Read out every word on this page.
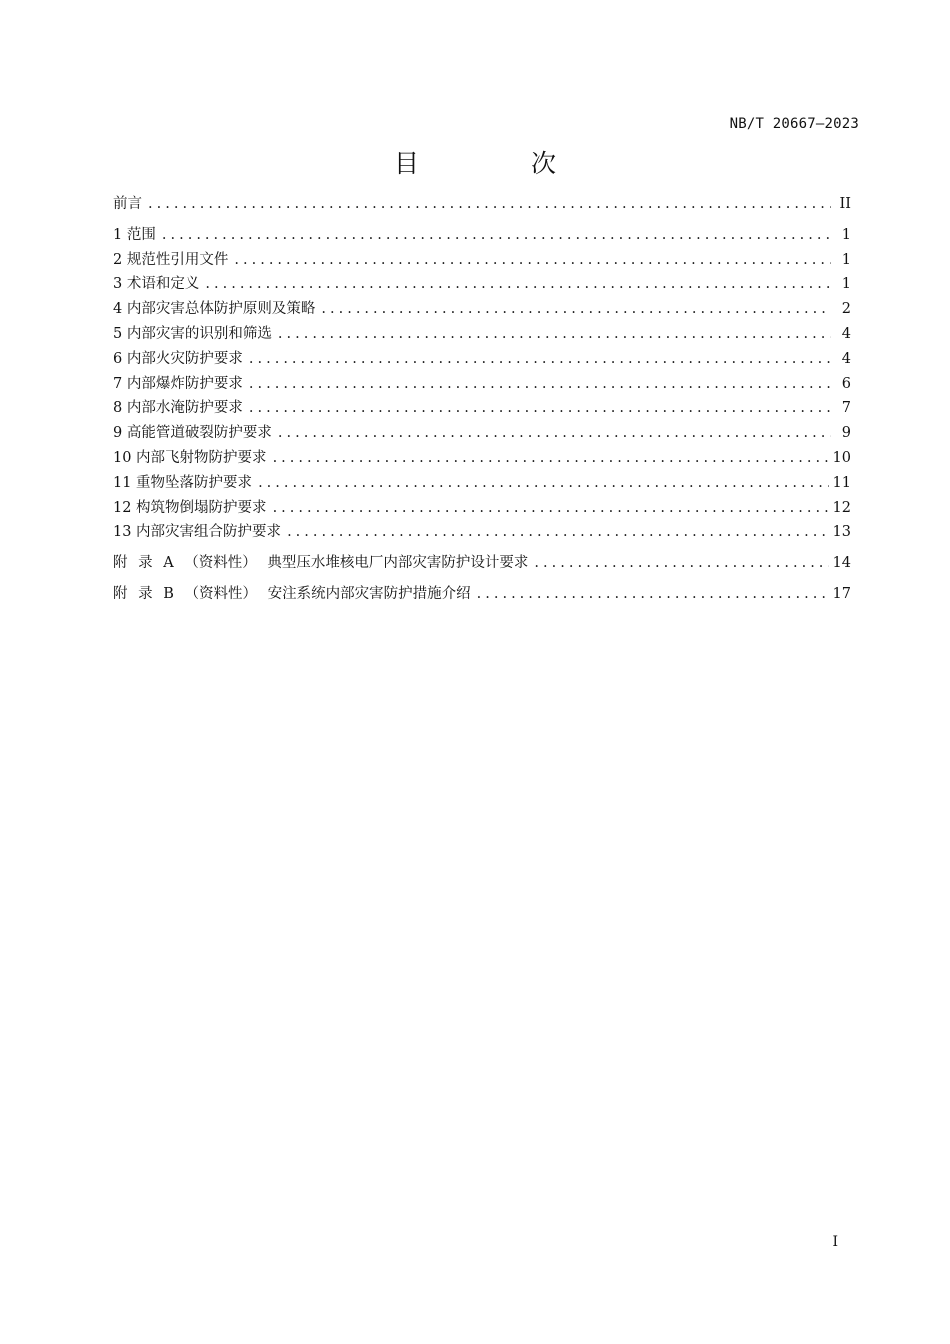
NB/T 20667—2023
目 次
前言 . . .	II
1 范围 . . .	1
2 规范性引用文件 . . .	1
3 术语和定义 . . .	1
4 内部灾害总体防护原则及策略 . . .	2
5 内部灾害的识别和筛选 . . .	4
6 内部火灾防护要求 . . .	4
7 内部爆炸防护要求 . . .	6
8 内部水淹防护要求 . . .	7
9 高能管道破裂防护要求 . . .	9
10 内部飞射物防护要求 . . .	10
11 重物坠落防护要求 . . .	11
12 构筑物倒塌防护要求 . . .	12
13 内部灾害组合防护要求 . . .	13
附 录 A （资料性） 典型压水堆核电厂内部灾害防护设计要求 . . .	14
附 录 B （资料性） 安注系统内部灾害防护措施介绍 . . .	17
I
